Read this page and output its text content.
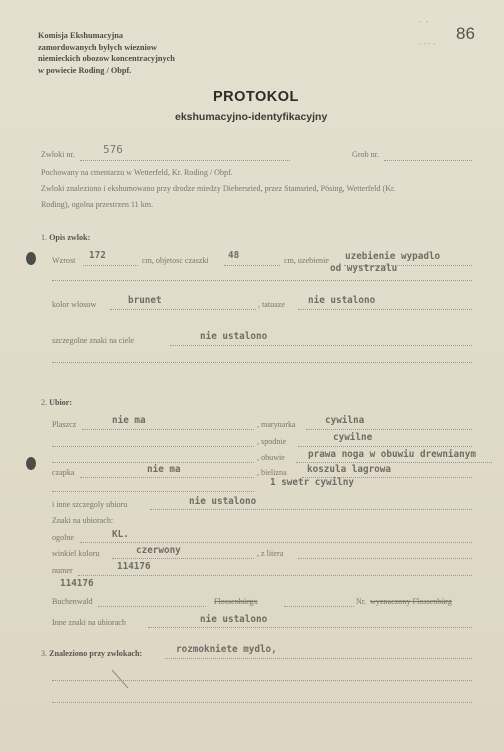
Komisja Ekshumacyjna
zamordowanych bylych wiezniow
niemieckich obozow koncentracyjnych
w powiecie Roding / Obpf.
86
-  -
- - - -
PROTOKOL
ekshumacyjno-identyfikacyjny
Zwloki nr.	576	Grob nr.
Pochowany na cmentarzu w Wetterfeld, Kr. Roding / Obpf.
Zwloki znaleziono i ekshumowano przy drodze miedzy Diebersried, przez Stamsried, Pösing, Wetterfeld (Kr.
Roding), ogolna przestrzen 11 km.
1. Opis zwlok:
Wzrost 172	cm, objetosc czaszki 48	cm, uzebienie uzebienie wypadlo
od wystrzalu
kolor wlosow	brunet	, tatuaze nie ustalono
szczegolne znaki na ciele	nie ustalono
2. Ubior:
Plaszcz	nie ma	, marynarka	cywilna
, spodnie	cywilne
, obuwie prawa noga w obuwiu drewnianym
czapka	nie ma	, bielizna koszula lagrowa
1 swetr cywilny
i inne szczegoly ubioru	nie ustalono
Znaki na ubiorach:
ogolne	KL.
winkiel koloru	czerwony	, z litera
numer	114176
114176
Buchenwald	Flossenbürgx	Nr. wyznaczony Flossenbürg
Inne znaki na ubiorach	nie ustalono
3. Znaleziono przy zwlokach:	rozmokniete mydlo,
